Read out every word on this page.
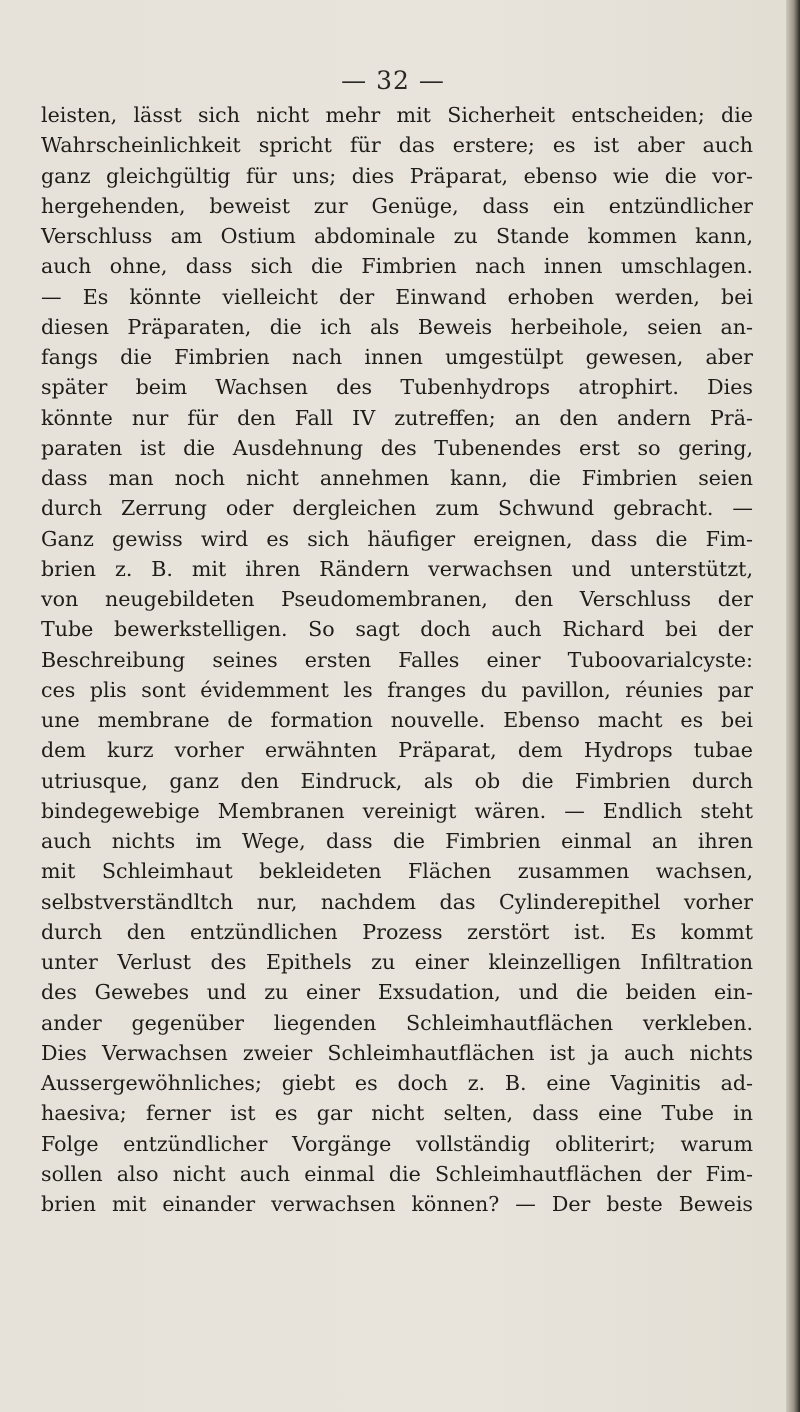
— 32 —
leisten, lässt sich nicht mehr mit Sicherheit entscheiden; die
Wahrscheinlichkeit spricht für das erstere; es ist aber auch
ganz gleichgültig für uns; dies Präparat, ebenso wie die vor-
hergehenden, beweist zur Genüge, dass ein entzündlicher
Verschluss am Ostium abdominale zu Stande kommen kann,
auch ohne, dass sich die Fimbrien nach innen umschlagen.
— Es könnte vielleicht der Einwand erhoben werden, bei
diesen Präparaten, die ich als Beweis herbeihole, seien an-
fangs die Fimbrien nach innen umgestülpt gewesen, aber
später beim Wachsen des Tubenhydrops atrophirt. Dies
könnte nur für den Fall IV zutreffen; an den andern Prä-
paraten ist die Ausdehnung des Tubenendes erst so gering,
dass man noch nicht annehmen kann, die Fimbrien seien
durch Zerrung oder dergleichen zum Schwund gebracht. —
Ganz gewiss wird es sich häufiger ereignen, dass die Fim-
brien z. B. mit ihren Rändern verwachsen und unterstützt,
von neugebildeten Pseudomembranen, den Verschluss der
Tube bewerkstelligen. So sagt doch auch Richard bei der
Beschreibung seines ersten Falles einer Tuboovarialcyste:
ces plis sont évidemment les franges du pavillon, réunies par
une membrane de formation nouvelle. Ebenso macht es bei
dem kurz vorher erwähnten Präparat, dem Hydrops tubae
utriusque, ganz den Eindruck, als ob die Fimbrien durch
bindegewebige Membranen vereinigt wären. — Endlich steht
auch nichts im Wege, dass die Fimbrien einmal an ihren
mit Schleimhaut bekleideten Flächen zusammen wachsen,
selbstverständltch nur, nachdem das Cylinderepithel vorher
durch den entzündlichen Prozess zerstört ist. Es kommt
unter Verlust des Epithels zu einer kleinzelligen Infiltration
des Gewebes und zu einer Exsudation, und die beiden ein-
ander gegenüber liegenden Schleimhautflächen verkleben.
Dies Verwachsen zweier Schleimhautflächen ist ja auch nichts
Aussergewöhnliches; giebt es doch z. B. eine Vaginitis ad-
haesiva; ferner ist es gar nicht selten, dass eine Tube in
Folge entzündlicher Vorgänge vollständig obliterirt; warum
sollen also nicht auch einmal die Schleimhautflächen der Fim-
brien mit einander verwachsen können? — Der beste Beweis
